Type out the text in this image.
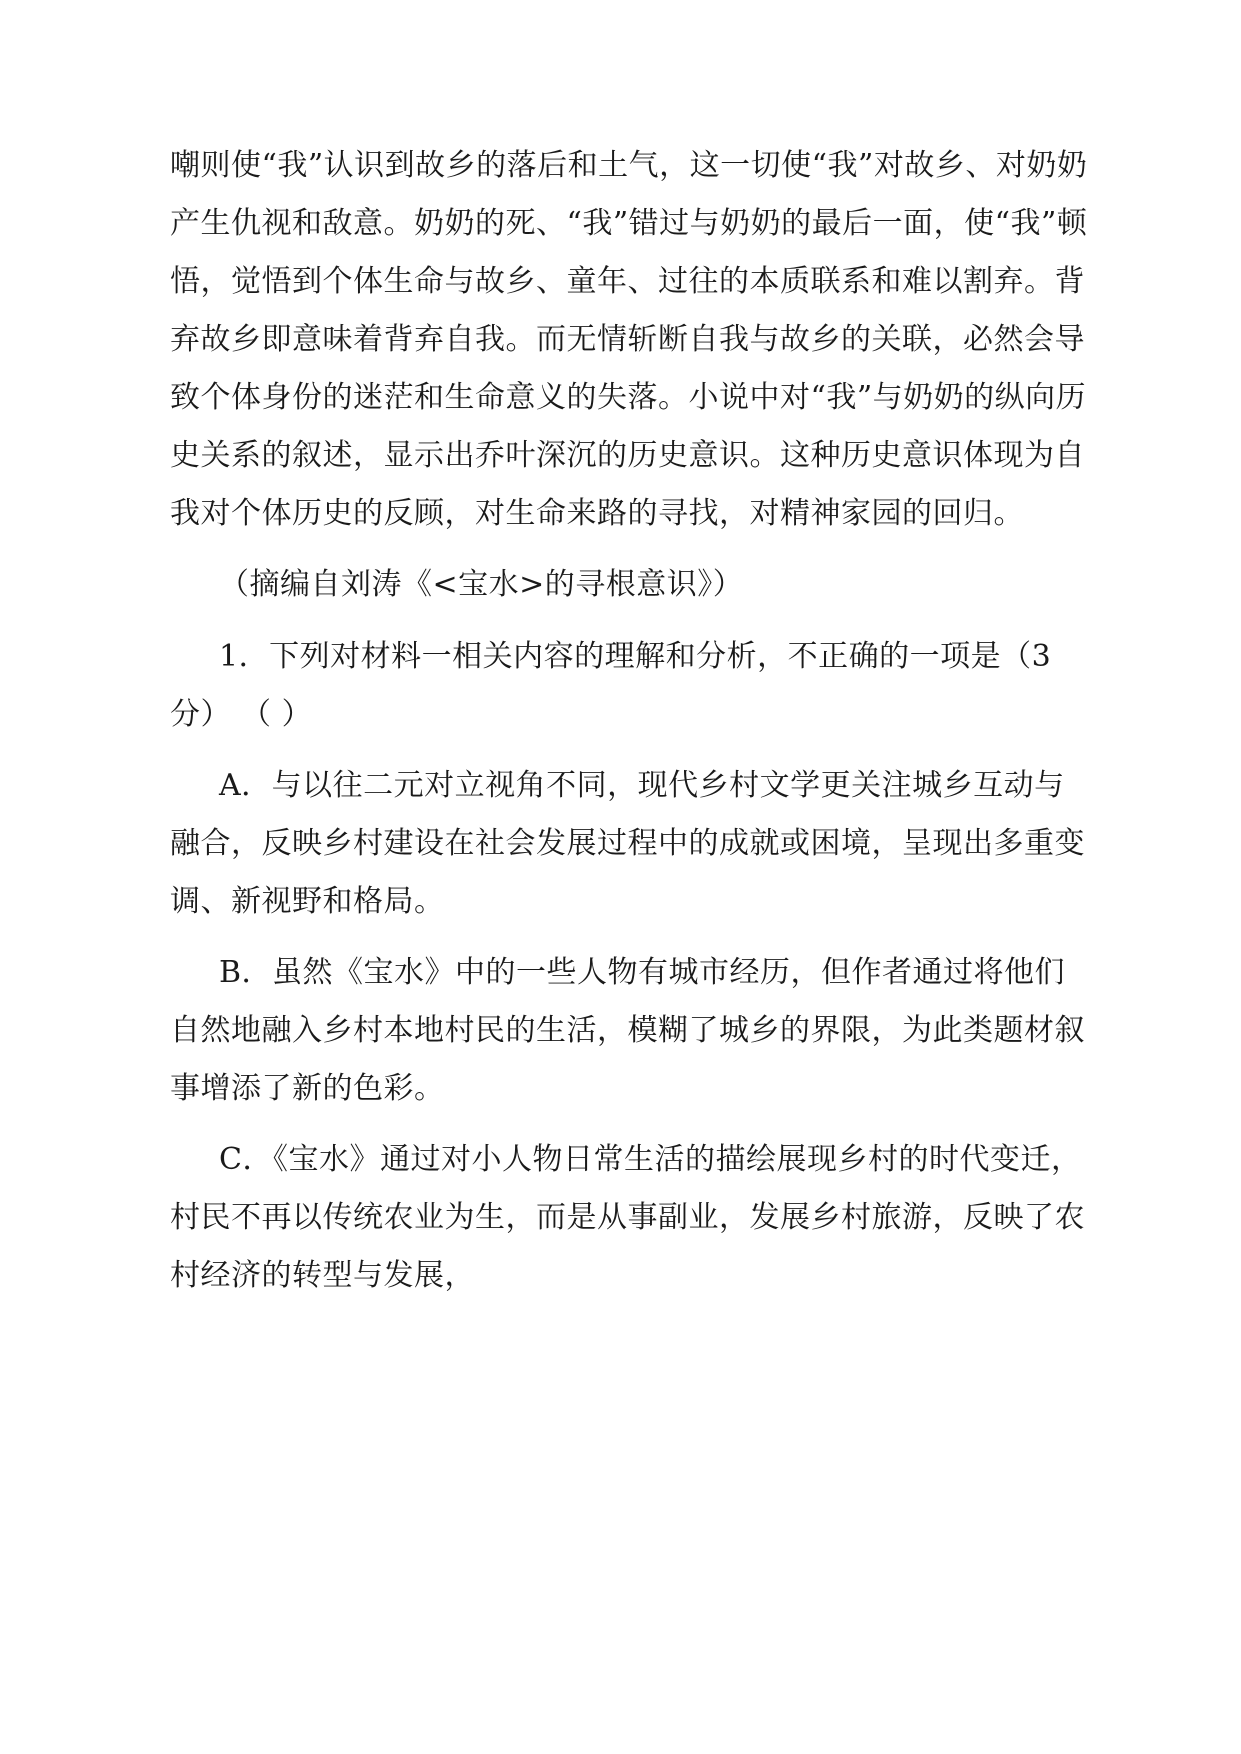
嘲则使“我”认识到故乡的落后和土气，这一切使“我”对故乡、对奶奶
产生仇视和敌意。奶奶的死、“我”错过与奶奶的最后一面，使“我”顿
悟，觉悟到个体生命与故乡、童年、过往的本质联系和难以割弃。背
弃故乡即意味着背弃自我。而无情斩断自我与故乡的关联，必然会导
致个体身份的迷茫和生命意义的失落。小说中对“我”与奶奶的纵向历
史关系的叙述，显示出乔叶深沉的历史意识。这种历史意识体现为自
我对个体历史的反顾，对生命来路的寻找，对精神家园的回归。
（摘编自刘涛《<宝水>的寻根意识》）
1．下列对材料一相关内容的理解和分析，不正确的一项是（3
分） （ ）
A．与以往二元对立视角不同，现代乡村文学更关注城乡互动与
融合，反映乡村建设在社会发展过程中的成就或困境，呈现出多重变
调、新视野和格局。
B．虽然《宝水》中的一些人物有城市经历，但作者通过将他们
自然地融入乡村本地村民的生活，模糊了城乡的界限，为此类题材叙
事增添了新的色彩。
C．《宝水》通过对小人物日常生活的描绘展现乡村的时代变迁，
村民不再以传统农业为生，而是从事副业，发展乡村旅游，反映了农
村经济的转型与发展，
